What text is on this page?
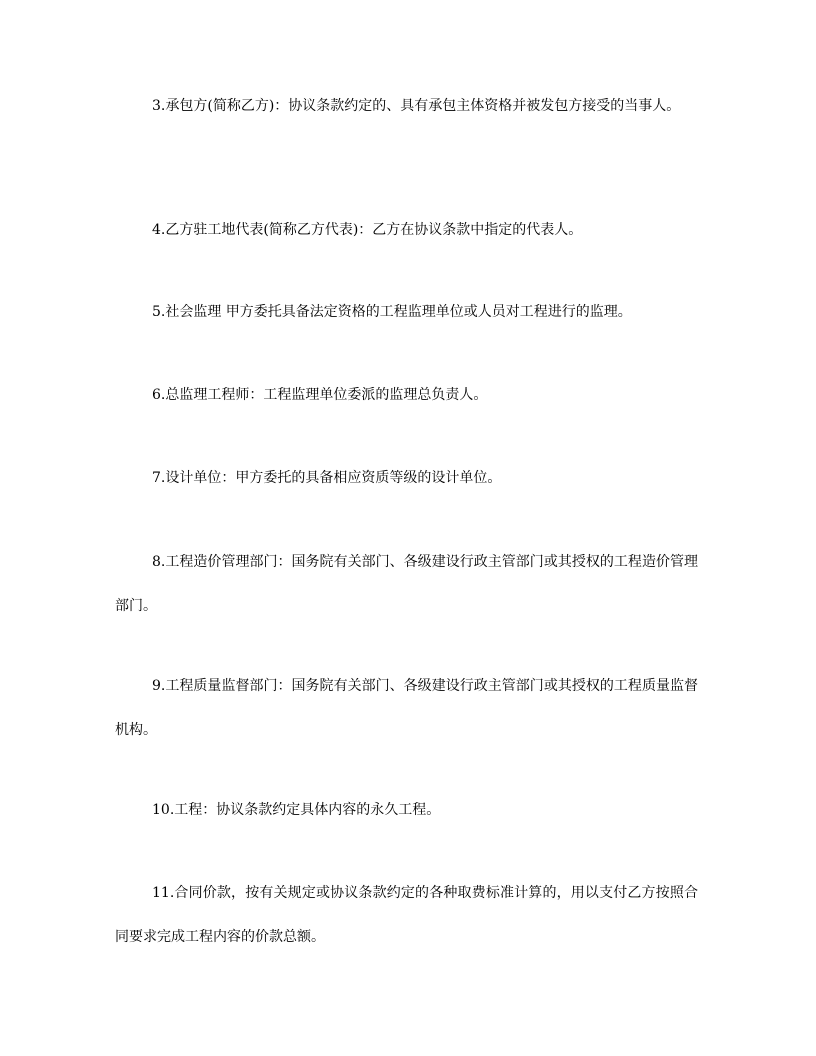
3.承包方(简称乙方)：协议条款约定的、具有承包主体资格并被发包方接受的当事人。

4.乙方驻工地代表(简称乙方代表)：乙方在协议条款中指定的代表人。

5.社会监理 甲方委托具备法定资格的工程监理单位或人员对工程进行的监理。

6.总监理工程师：工程监理单位委派的监理总负责人。

7.设计单位：甲方委托的具备相应资质等级的设计单位。

8.工程造价管理部门：国务院有关部门、各级建设行政主管部门或其授权的工程造价管理部门。

9.工程质量监督部门：国务院有关部门、各级建设行政主管部门或其授权的工程质量监督机构。

10.工程：协议条款约定具体内容的永久工程。

11.合同价款，按有关规定或协议条款约定的各种取费标准计算的，用以支付乙方按照合同要求完成工程内容的价款总额。
